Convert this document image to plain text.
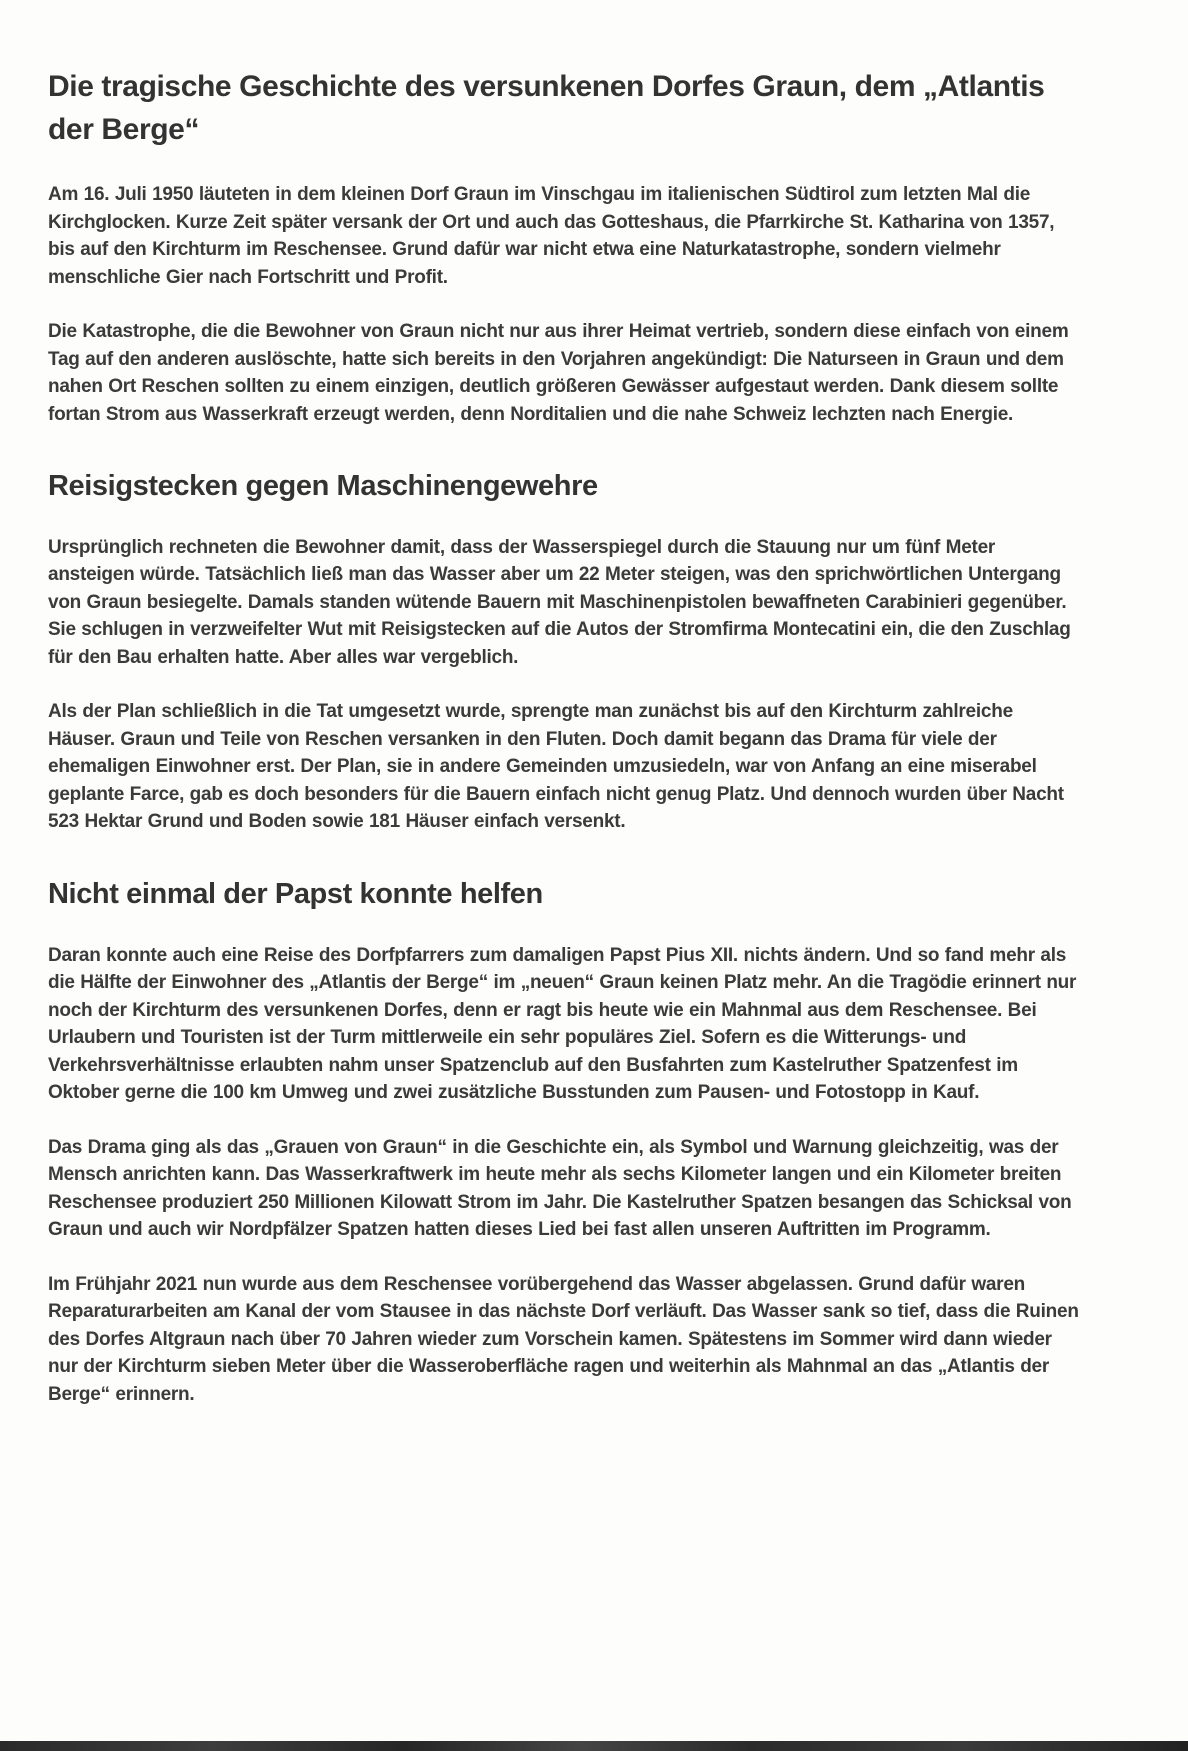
Die tragische Geschichte des versunkenen Dorfes Graun, dem „Atlantis der Berge“

Am 16. Juli 1950 läuteten in dem kleinen Dorf Graun im Vinschgau im italienischen Südtirol zum letzten Mal die Kirchglocken. Kurze Zeit später versank der Ort und auch das Gotteshaus, die Pfarrkirche St. Katharina von 1357, bis auf den Kirchturm im Reschensee. Grund dafür war nicht etwa eine Naturkatastrophe, sondern vielmehr menschliche Gier nach Fortschritt und Profit.

Die Katastrophe, die die Bewohner von Graun nicht nur aus ihrer Heimat vertrieb, sondern diese einfach von einem Tag auf den anderen auslöschte, hatte sich bereits in den Vorjahren angekündigt: Die Naturseen in Graun und dem nahen Ort Reschen sollten zu einem einzigen, deutlich größeren Gewässer aufgestaut werden. Dank diesem sollte fortan Strom aus Wasserkraft erzeugt werden, denn Norditalien und die nahe Schweiz lechzten nach Energie.

Reisigstecken gegen Maschinengewehre

Ursprünglich rechneten die Bewohner damit, dass der Wasserspiegel durch die Stauung nur um fünf Meter ansteigen würde. Tatsächlich ließ man das Wasser aber um 22 Meter steigen, was den sprichwörtlichen Untergang von Graun besiegelte. Damals standen wütende Bauern mit Maschinenpistolen bewaffneten Carabinieri gegenüber. Sie schlugen in verzweifelter Wut mit Reisigstecken auf die Autos der Stromfirma Montecatini ein, die den Zuschlag für den Bau erhalten hatte. Aber alles war vergeblich.

Als der Plan schließlich in die Tat umgesetzt wurde, sprengte man zunächst bis auf den Kirchturm zahlreiche Häuser. Graun und Teile von Reschen versanken in den Fluten. Doch damit begann das Drama für viele der ehemaligen Einwohner erst. Der Plan, sie in andere Gemeinden umzusiedeln, war von Anfang an eine miserabel geplante Farce, gab es doch besonders für die Bauern einfach nicht genug Platz. Und dennoch wurden über Nacht 523 Hektar Grund und Boden sowie 181 Häuser einfach versenkt.

Nicht einmal der Papst konnte helfen

Daran konnte auch eine Reise des Dorfpfarrers zum damaligen Papst Pius XII. nichts ändern. Und so fand mehr als die Hälfte der Einwohner des „Atlantis der Berge“ im „neuen“ Graun keinen Platz mehr. An die Tragödie erinnert nur noch der Kirchturm des versunkenen Dorfes, denn er ragt bis heute wie ein Mahnmal aus dem Reschensee. Bei Urlaubern und Touristen ist der Turm mittlerweile ein sehr populäres Ziel. Sofern es die Witterungs- und Verkehrsverhältnisse erlaubten nahm unser Spatzenclub auf den Busfahrten zum Kastelruther Spatzenfest im Oktober gerne die 100 km Umweg und zwei zusätzliche Busstunden zum Pausen- und Fotostopp in Kauf.

Das Drama ging als das „Grauen von Graun“ in die Geschichte ein, als Symbol und Warnung gleichzeitig, was der Mensch anrichten kann. Das Wasserkraftwerk im heute mehr als sechs Kilometer langen und ein Kilometer breiten Reschensee produziert 250 Millionen Kilowatt Strom im Jahr. Die Kastelruther Spatzen besangen das Schicksal von Graun und auch wir Nordpfälzer Spatzen hatten dieses Lied bei fast allen unseren Auftritten im Programm.

Im Frühjahr 2021 nun wurde aus dem Reschensee vorübergehend das Wasser abgelassen. Grund dafür waren Reparaturarbeiten am Kanal der vom Stausee in das nächste Dorf verläuft. Das Wasser sank so tief, dass die Ruinen des Dorfes Altgraun nach über 70 Jahren wieder zum Vorschein kamen. Spätestens im Sommer wird dann wieder nur der Kirchturm sieben Meter über die Wasseroberfläche ragen und weiterhin als Mahnmal an das „Atlantis der Berge“ erinnern.
